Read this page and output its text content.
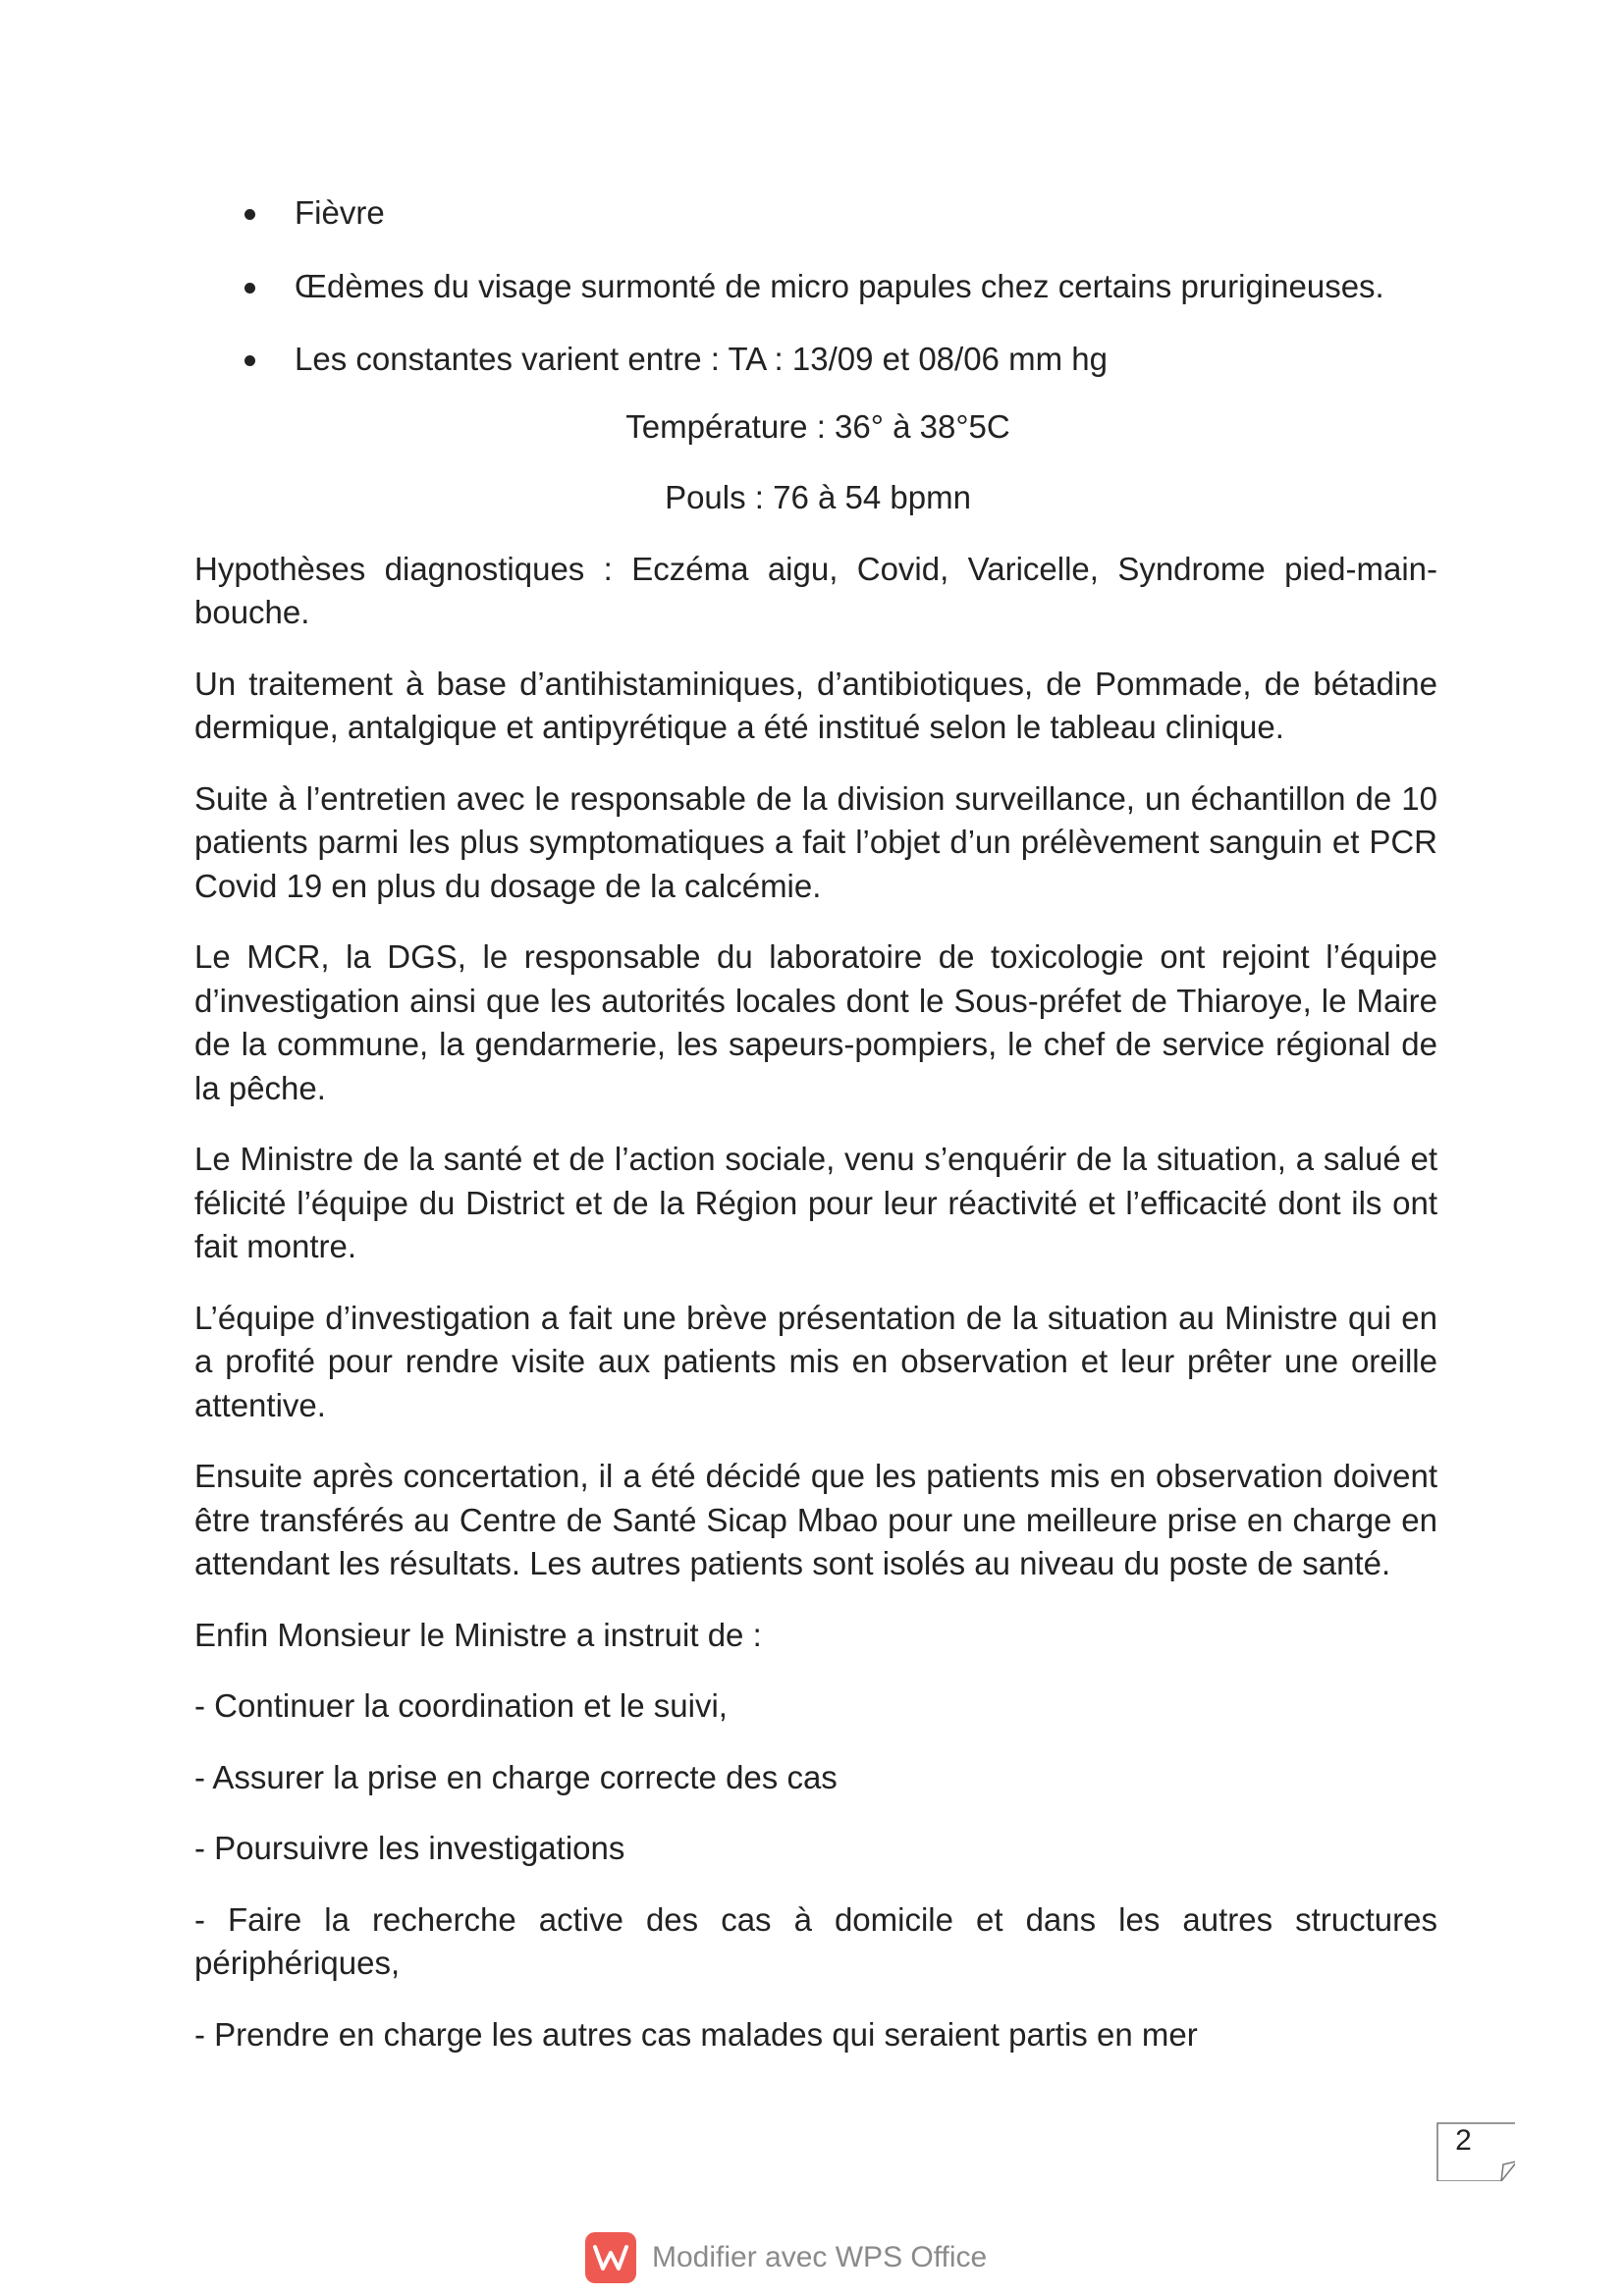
Fièvre
Œdèmes du visage surmonté de micro papules chez certains prurigineuses.
Les constantes varient entre : TA : 13/09 et 08/06 mm hg
Température : 36° à 38°5C
Pouls : 76 à 54 bpmn

Hypothèses diagnostiques : Eczéma aigu, Covid, Varicelle, Syndrome pied-main-
bouche.

Un traitement à base d’antihistaminiques, d’antibiotiques, de Pommade, de bétadine dermique, antalgique et antipyrétique a été institué selon le tableau clinique.

Suite à l’entretien avec le responsable de la division surveillance, un échantillon de 10 patients parmi les plus symptomatiques a fait l’objet d’un prélèvement sanguin et PCR Covid 19 en plus du dosage de la calcémie.

Le MCR, la DGS, le responsable du laboratoire de toxicologie ont rejoint l’équipe d’investigation ainsi que les autorités locales dont le Sous-préfet de Thiaroye, le Maire de la commune, la gendarmerie, les sapeurs-pompiers, le chef de service régional de la pêche.

Le Ministre de la santé et de l’action sociale, venu s’enquérir de la situation, a salué et félicité l’équipe du District et de la Région pour leur réactivité et l’efficacité dont ils ont fait montre.

L’équipe d’investigation a fait une brève présentation de la situation au Ministre qui en a profité pour rendre visite aux patients mis en observation et leur prêter une oreille attentive.

Ensuite après concertation, il a été décidé que les patients mis en observation doivent être transférés au Centre de Santé Sicap Mbao pour une meilleure prise en charge en attendant les résultats. Les autres patients sont isolés au niveau du poste de santé.

Enfin Monsieur le Ministre a instruit de :
- Continuer la coordination et le suivi,
- Assurer la prise en charge correcte des cas
- Poursuivre les investigations

- Faire la recherche active des cas à domicile et dans les autres structures périphériques,

- Prendre en charge les autres cas malades qui seraient partis en mer
2
Modifier avec WPS Office
